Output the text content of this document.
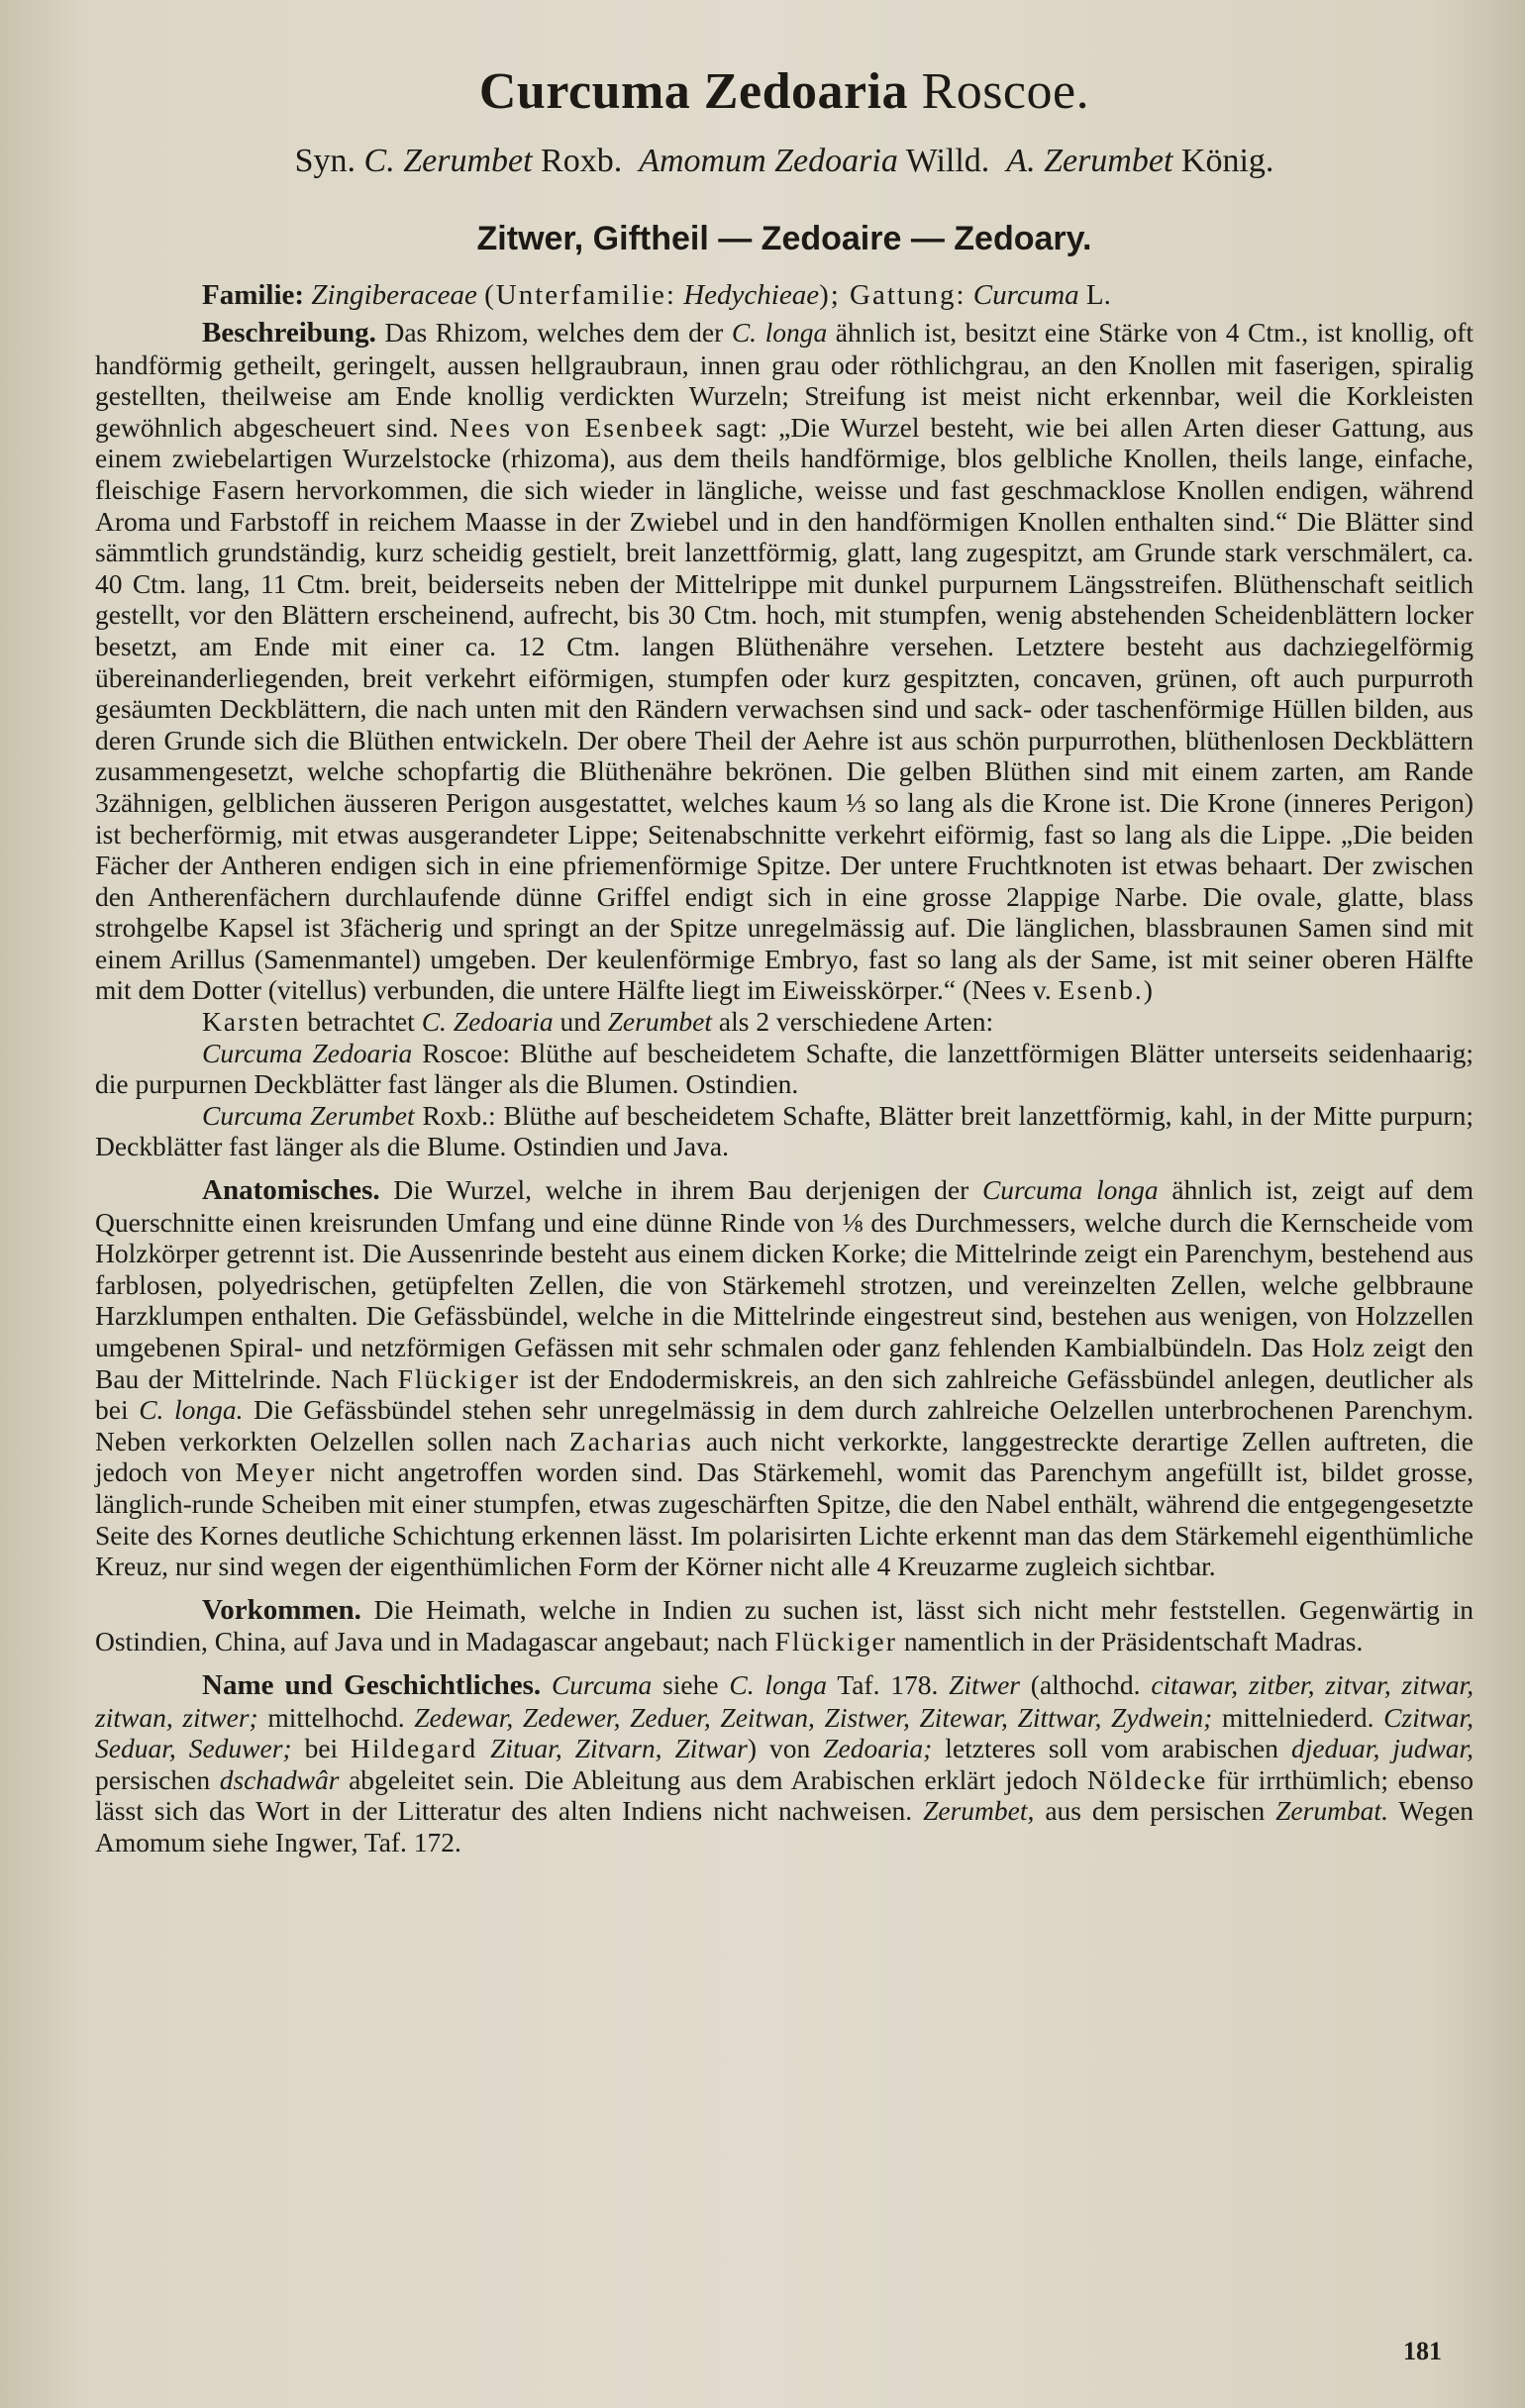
Curcuma Zedoaria Roscoe.
Syn. C. Zerumbet Roxb. Amomum Zedoaria Willd. A. Zerumbet König.
Zitwer, Giftheil — Zedoaire — Zedoary.
Familie: Zingiberaceae (Unterfamilie: Hedychieae); Gattung: Curcuma L.

Beschreibung. Das Rhizom, welches dem der C. longa ähnlich ist, besitzt eine Stärke von 4 Ctm., ist knollig, oft handförmig getheilt, geringelt, aussen hellgraubraun, innen grau oder röthlichgrau, an den Knollen mit faserigen, spiralig gestellten, theilweise am Ende knollig verdickten Wurzeln; Streifung ist meist nicht erkennbar, weil die Korkleisten gewöhnlich abgescheuert sind. Nees von Esenbeek sagt: „Die Wurzel besteht, wie bei allen Arten dieser Gattung, aus einem zwiebelartigen Wurzelstocke (rhizoma), aus dem theils handförmige, blos gelbliche Knollen, theils lange, einfache, fleischige Fasern hervorkommen, die sich wieder in längliche, weisse und fast geschmacklose Knollen endigen, während Aroma und Farbstoff in reichem Maasse in der Zwiebel und in den handförmigen Knollen enthalten sind.“ Die Blätter sind sämmtlich grundständig, kurz scheidig gestielt, breit lanzettförmig, glatt, lang zugespitzt, am Grunde stark verschmälert, ca. 40 Ctm. lang, 11 Ctm. breit, beiderseits neben der Mittelrippe mit dunkel purpurnem Längsstreifen. Blüthenschaft seitlich gestellt, vor den Blättern erscheinend, aufrecht, bis 30 Ctm. hoch, mit stumpfen, wenig abstehenden Scheidenblättern locker besetzt, am Ende mit einer ca. 12 Ctm. langen Blüthenähre versehen. Letztere besteht aus dachziegelförmig übereinanderliegenden, breit verkehrt eiförmigen, stumpfen oder kurz gespitzten, concaven, grünen, oft auch purpurroth gesäumten Deckblättern, die nach unten mit den Rändern verwachsen sind und sack- oder taschenförmige Hüllen bilden, aus deren Grunde sich die Blüthen entwickeln. Der obere Theil der Aehre ist aus schön purpurrothen, blüthenlosen Deckblättern zusammengesetzt, welche schopfartig die Blüthenähre bekrönen. Die gelben Blüthen sind mit einem zarten, am Rande 3zähnigen, gelblichen äusseren Perigon ausgestattet, welches kaum ⅓ so lang als die Krone ist. Die Krone (inneres Perigon) ist becherförmig, mit etwas ausgerandeter Lippe; Seitenabschnitte verkehrt eiförmig, fast so lang als die Lippe. „Die beiden Fächer der Antheren endigen sich in eine pfriemenförmige Spitze. Der untere Fruchtknoten ist etwas behaart. Der zwischen den Antherenfächern durchlaufende dünne Griffel endigt sich in eine grosse 2lappige Narbe. Die ovale, glatte, blass strohgelbe Kapsel ist 3fächerig und springt an der Spitze unregelmässig auf. Die länglichen, blassbraunen Samen sind mit einem Arillus (Samenmantel) umgeben. Der keulenförmige Embryo, fast so lang als der Same, ist mit seiner oberen Hälfte mit dem Dotter (vitellus) verbunden, die untere Hälfte liegt im Eiweisskörper.“ (Nees v. Esenb.)

Karsten betrachtet C. Zedoaria und Zerumbet als 2 verschiedene Arten:

Curcuma Zedoaria Roscoe: Blüthe auf bescheidetem Schafte, die lanzettförmigen Blätter unterseits seidenhaarig; die purpurnen Deckblätter fast länger als die Blumen. Ostindien.

Curcuma Zerumbet Roxb.: Blüthe auf bescheidetem Schafte, Blätter breit lanzettförmig, kahl, in der Mitte purpurn; Deckblätter fast länger als die Blume. Ostindien und Java.

Anatomisches. Die Wurzel, welche in ihrem Bau derjenigen der Curcuma longa ähnlich ist, zeigt auf dem Querschnitte einen kreisrunden Umfang und eine dünne Rinde von ⅛ des Durchmessers, welche durch die Kernscheide vom Holzkörper getrennt ist. Die Aussenrinde besteht aus einem dicken Korke; die Mittelrinde zeigt ein Parenchym, bestehend aus farblosen, polyedrischen, getüpfelten Zellen, die von Stärkemehl strotzen, und vereinzelten Zellen, welche gelbbraune Harzklumpen enthalten. Die Gefässbündel, welche in die Mittelrinde eingestreut sind, bestehen aus wenigen, von Holzzellen umgebenen Spiral- und netzförmigen Gefässen mit sehr schmalen oder ganz fehlenden Kambialbündeln. Das Holz zeigt den Bau der Mittelrinde. Nach Flückiger ist der Endodermiskreis, an den sich zahlreiche Gefässbündel anlegen, deutlicher als bei C. longa. Die Gefässbündel stehen sehr unregelmässig in dem durch zahlreiche Oelzellen unterbrochenen Parenchym. Neben verkorkten Oelzellen sollen nach Zacharias auch nicht verkorkte, langgestreckte derartige Zellen auftreten, die jedoch von Meyer nicht angetroffen worden sind. Das Stärkemehl, womit das Parenchym angefüllt ist, bildet grosse, länglich-runde Scheiben mit einer stumpfen, etwas zugeschärften Spitze, die den Nabel enthält, während die entgegengesetzte Seite des Kornes deutliche Schichtung erkennen lässt. Im polarisirten Lichte erkennt man das dem Stärkemehl eigenthümliche Kreuz, nur sind wegen der eigenthümlichen Form der Körner nicht alle 4 Kreuzarme zugleich sichtbar.

Vorkommen. Die Heimath, welche in Indien zu suchen ist, lässt sich nicht mehr feststellen. Gegenwärtig in Ostindien, China, auf Java und in Madagascar angebaut; nach Flückiger namentlich in der Präsidentschaft Madras.

Name und Geschichtliches. Curcuma siehe C. longa Taf. 178. Zitwer (althochd. citawar, zitber, zitvar, zitwar, zitwan, zitwer; mittelhochd. Zedewar, Zedewer, Zeduer, Zeitwan, Zistwer, Zitewar, Zittwar, Zydwein; mittelniederd. Czitwar, Seduar, Seduwer; bei Hildegard Zituar, Zitvarn, Zitwar) von Zedoaria; letzteres soll vom arabischen djeduar, judwar, persischen dschadwâr abgeleitet sein. Die Ableitung aus dem Arabischen erklärt jedoch Nöldecke für irrthümlich; ebenso lässt sich das Wort in der Litteratur des alten Indiens nicht nachweisen. Zerumbet, aus dem persischen Zerumbat. Wegen Amomum siehe Ingwer, Taf. 172.

181
